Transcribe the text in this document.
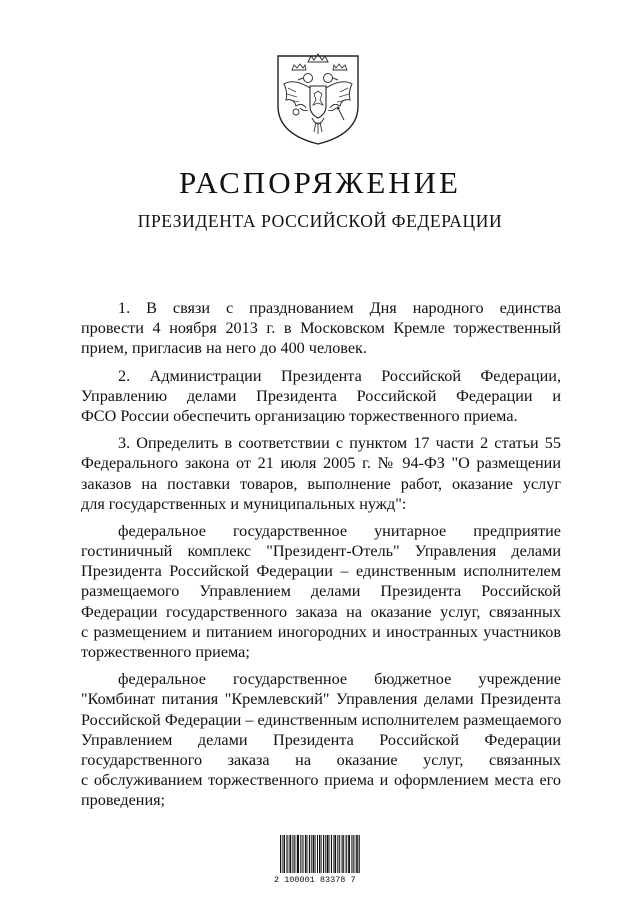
РАСПОРЯЖЕНИЕ
ПРЕЗИДЕНТА РОССИЙСКОЙ ФЕДЕРАЦИИ
1. В связи с празднованием Дня народного единства
провести 4 ноября 2013 г. в Московском Кремле торжественный
прием, пригласив на него до 400 человек.
2. Администрации Президента Российской Федерации,
Управлению делами Президента Российской Федерации и
ФСО России обеспечить организацию торжественного приема.
3. Определить в соответствии с пунктом 17 части 2 статьи 55
Федерального закона от 21 июля 2005 г. № 94-ФЗ "О размещении
заказов на поставки товаров, выполнение работ, оказание услуг
для государственных и муниципальных нужд":
федеральное государственное унитарное предприятие
гостиничный комплекс "Президент-Отель" Управления делами
Президента Российской Федерации – единственным исполнителем
размещаемого Управлением делами Президента Российской
Федерации государственного заказа на оказание услуг, связанных
с размещением и питанием иногородних и иностранных участников
торжественного приема;
федеральное государственное бюджетное учреждение
"Комбинат питания "Кремлевский" Управления делами Президента
Российской Федерации – единственным исполнителем размещаемого
Управлением делами Президента Российской Федерации
государственного заказа на оказание услуг, связанных
с обслуживанием торжественного приема и оформлением места его
проведения;
2 100001 83378 7
